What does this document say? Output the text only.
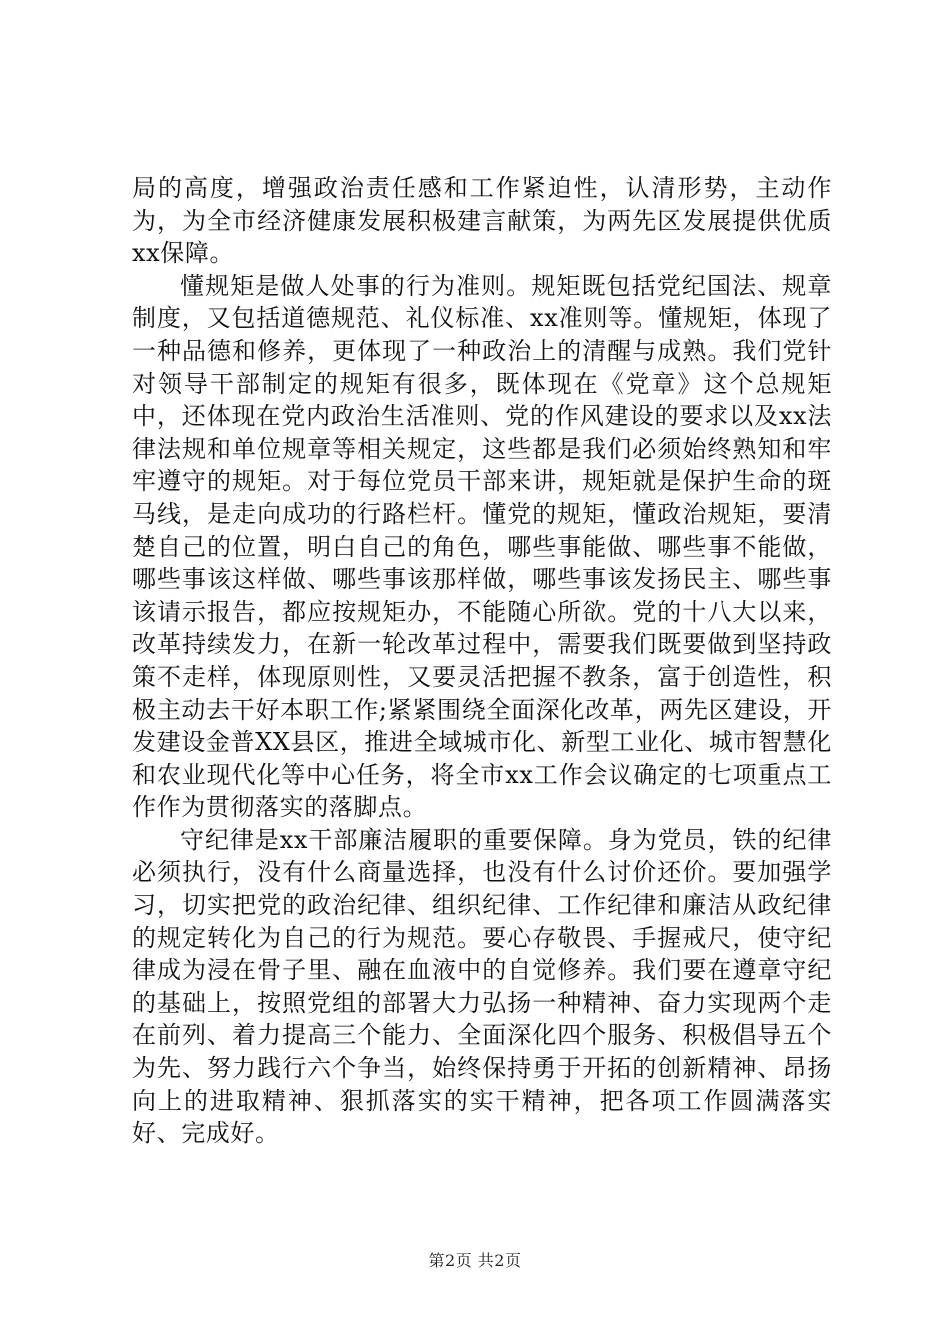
局的高度，增强政治责任感和工作紧迫性，认清形势，主动作为，为全市经济健康发展积极建言献策，为两先区发展提供优质xx保障。

懂规矩是做人处事的行为准则。规矩既包括党纪国法、规章制度，又包括道德规范、礼仪标准、xx准则等。懂规矩，体现了一种品德和修养，更体现了一种政治上的清醒与成熟。我们党针对领导干部制定的规矩有很多，既体现在《党章》这个总规矩中，还体现在党内政治生活准则、党的作风建设的要求以及xx法律法规和单位规章等相关规定，这些都是我们必须始终熟知和牢牢遵守的规矩。对于每位党员干部来讲，规矩就是保护生命的斑马线，是走向成功的行路栏杆。懂党的规矩，懂政治规矩，要清楚自己的位置，明白自己的角色，哪些事能做、哪些事不能做，哪些事该这样做、哪些事该那样做，哪些事该发扬民主、哪些事该请示报告，都应按规矩办，不能随心所欲。党的十八大以来，改革持续发力，在新一轮改革过程中，需要我们既要做到坚持政策不走样，体现原则性，又要灵活把握不教条，富于创造性，积极主动去干好本职工作;紧紧围绕全面深化改革，两先区建设，开发建设金普XX县区，推进全域城市化、新型工业化、城市智慧化和农业现代化等中心任务，将全市xx工作会议确定的七项重点工作作为贯彻落实的落脚点。

守纪律是xx干部廉洁履职的重要保障。身为党员，铁的纪律必须执行，没有什么商量选择，也没有什么讨价还价。要加强学习，切实把党的政治纪律、组织纪律、工作纪律和廉洁从政纪律的规定转化为自己的行为规范。要心存敬畏、手握戒尺，使守纪律成为浸在骨子里、融在血液中的自觉修养。我们要在遵章守纪的基础上，按照党组的部署大力弘扬一种精神、奋力实现两个走在前列、着力提高三个能力、全面深化四个服务、积极倡导五个为先、努力践行六个争当，始终保持勇于开拓的创新精神、昂扬向上的进取精神、狠抓落实的实干精神，把各项工作圆满落实好、完成好。

第2页 共2页
